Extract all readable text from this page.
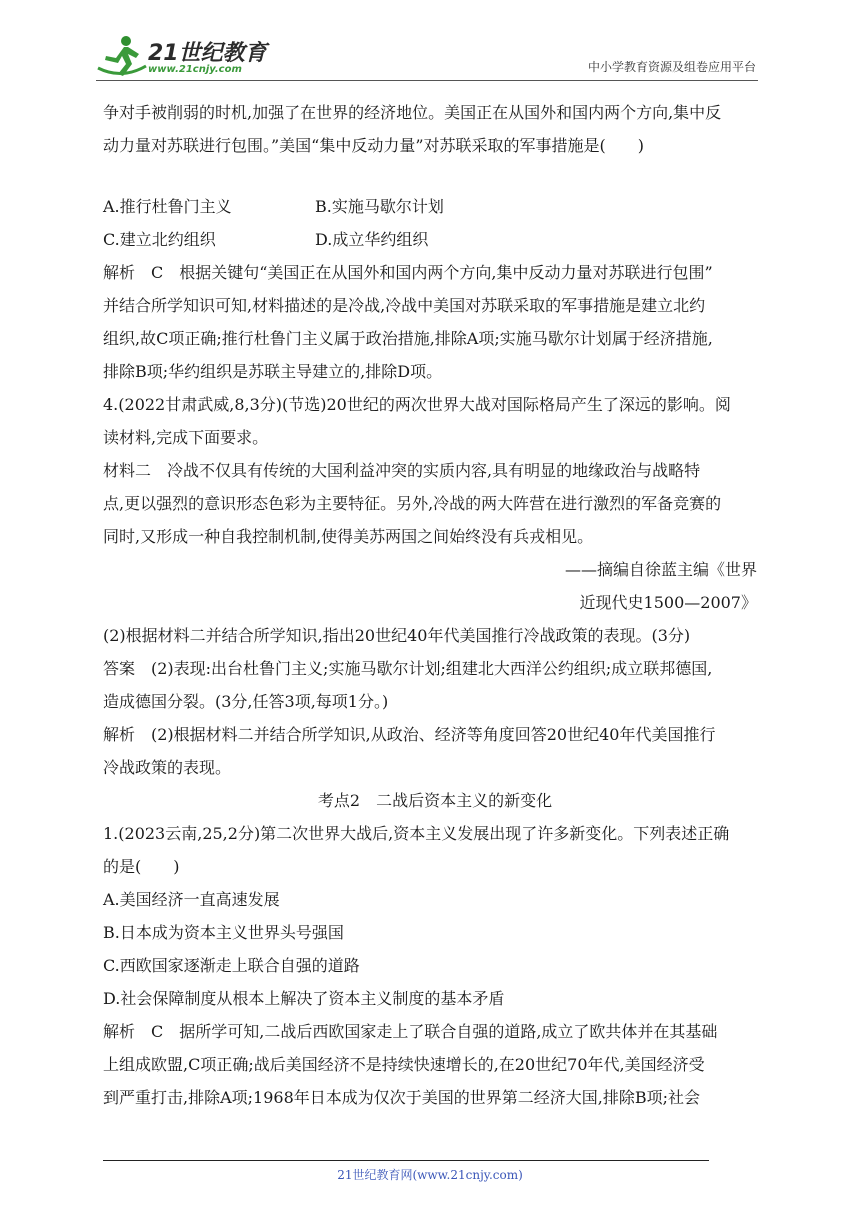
21世纪教育
www.21cnjy.com	中小学教育资源及组卷应用平台

争对手被削弱的时机,加强了在世界的经济地位。美国正在从国外和国内两个方向,集中反

动力量对苏联进行包围。”美国“集中反动力量”对苏联采取的军事措施是(　　)

A.推行杜鲁门主义	B.实施马歇尔计划

C.建立北约组织	D.成立华约组织

解析　C　根据关键句“美国正在从国外和国内两个方向,集中反动力量对苏联进行包围”

并结合所学知识可知,材料描述的是冷战,冷战中美国对苏联采取的军事措施是建立北约

组织,故C项正确;推行杜鲁门主义属于政治措施,排除A项;实施马歇尔计划属于经济措施,

排除B项;华约组织是苏联主导建立的,排除D项。

4.(2022甘肃武威,8,3分)(节选)20世纪的两次世界大战对国际格局产生了深远的影响。阅

读材料,完成下面要求。

材料二　冷战不仅具有传统的大国利益冲突的实质内容,具有明显的地缘政治与战略特

点,更以强烈的意识形态色彩为主要特征。另外,冷战的两大阵营在进行激烈的军备竞赛的

同时,又形成一种自我控制机制,使得美苏两国之间始终没有兵戎相见。

——摘编自徐蓝主编《世界

近现代史1500—2007》

(2)根据材料二并结合所学知识,指出20世纪40年代美国推行冷战政策的表现。(3分)

答案　(2)表现:出台杜鲁门主义;实施马歇尔计划;组建北大西洋公约组织;成立联邦德国,

造成德国分裂。(3分,任答3项,每项1分。)

解析　(2)根据材料二并结合所学知识,从政治、经济等角度回答20世纪40年代美国推行

冷战政策的表现。

考点2　二战后资本主义的新变化

1.(2023云南,25,2分)第二次世界大战后,资本主义发展出现了许多新变化。下列表述正确

的是(　　)

A.美国经济一直高速发展

B.日本成为资本主义世界头号强国

C.西欧国家逐渐走上联合自强的道路

D.社会保障制度从根本上解决了资本主义制度的基本矛盾

解析　C　据所学可知,二战后西欧国家走上了联合自强的道路,成立了欧共体并在其基础

上组成欧盟,C项正确;战后美国经济不是持续快速增长的,在20世纪70年代,美国经济受

到严重打击,排除A项;1968年日本成为仅次于美国的世界第二经济大国,排除B项;社会

21世纪教育网(www.21cnjy.com)
